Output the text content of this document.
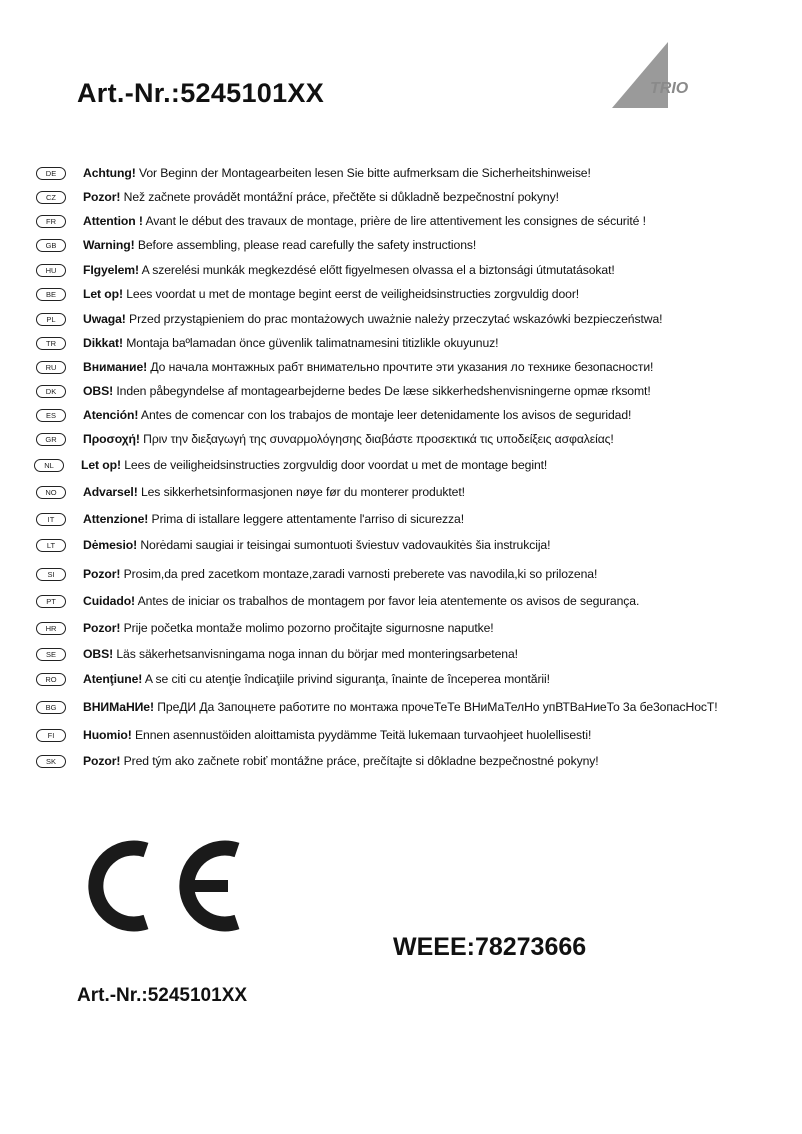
Art.-Nr.:5245101XX	TRIO
DE	Achtung! Vor Beginn der Montagearbeiten lesen Sie bitte aufmerksam die Sicherheitshinweise!
CZ	Pozor! Než začnete provádět montážní práce, přečtěte si důkladně bezpečnostní pokyny!
FR	Attention ! Avant le début des travaux de montage, prière de lire attentivement les consignes de sécurité !
GB	Warning! Before assembling, please read carefully the safety instructions!
HU	FIgyelem! A szerelési munkák megkezdésé előtt figyelmesen olvassa el a biztonsági útmutatásokat!
BE	Let op! Lees voordat u met de montage begint eerst de veiligheidsinstructies zorgvuldig door!
PL	Uwaga! Przed przystąpieniem do prac montażowych uważnie należy przeczytać wskazówki bezpieczeństwa!
TR	Dikkat! Montaja baºlamadan önce güvenlik talimatnamesini titizlikle okuyunuz!
RU	Внимание! До начала монтажных рабт внимательно прочтите эти указания ло технике безопасности!
DK	OBS! Inden påbegyndelse af montagearbejderne bedes De læse sikkerhedshenvisningerne opmæ rksomt!
ES	Atención! Antes de comencar con los trabajos de montaje leer detenidamente los avisos de seguridad!
GR	Προσοχή! Πριν την διεξαγωγή της συναρμολόγησης διαβάστε προσεκτικά τις υποδείξεις ασφαλείας!
NL	Let op! Lees de veiligheidsinstructies zorgvuldig door voordat u met de montage begint!
NO	Advarsel! Les sikkerhetsinformasjonen nøye før du monterer produktet!
IT	Attenzione! Prima di istallare leggere attentamente l'arriso di sicurezza!
LT	Dėmesio! Norėdami saugiai ir teisingai sumontuoti šviestuv vadovaukitės šia instrukcija!
SI	Pozor! Prosim,da pred zacetkom montaze,zaradi varnosti preberete vas navodila,ki so prilozena!
PT	Cuidado! Antes de iniciar os trabalhos de montagem por favor leia atentemente os avisos de segurança.
HR	Pozor! Prije početka montaže molimo pozorno pročitajte sigurnosne naputke!
SE	OBS! Läs säkerhetsanvisningama noga innan du börjar med monteringsarbetena!
RO	Atenţiune! A se citi cu atenţie îndicaţiile privind siguranţa, înainte de începerea montării!
BG	ВНИМаНИе! ПреДИ Да 3апоцнете работите по монтажа прочеТеТе ВНиМаТелНо упВТВаНиеТо 3а бе3опасНосТ!
FI	Huomio! Ennen asennustöiden aloittamista pyydämme Teitä lukemaan turvaohjeet huolellisesti!
SK	Pozor! Pred tým ako začnete robiť montážne práce, prečítajte si dôkladne bezpečnostné pokyny!
WEEE:78273666
Art.-Nr.:5245101XX
